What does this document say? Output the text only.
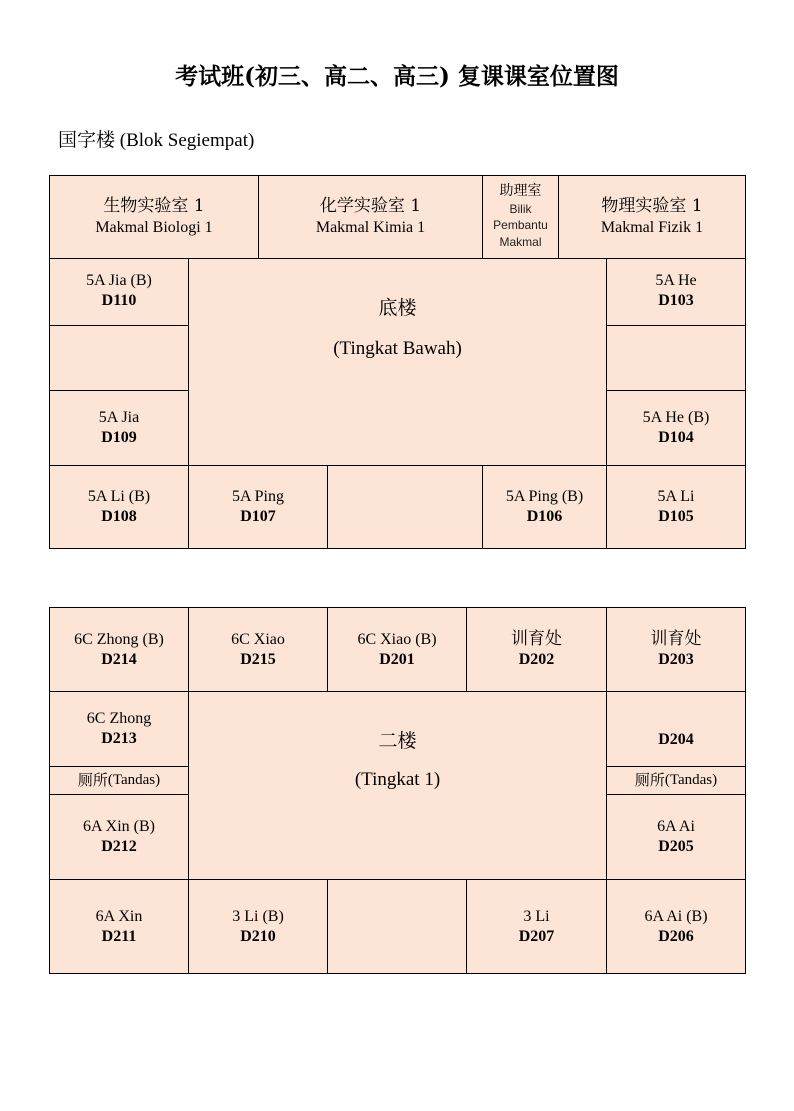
考试班(初三、高二、高三) 复课课室位置图
国字楼 (Blok Segiempat)
生物实验室 1
Makmal Biologi 1
化学实验室 1
Makmal Kimia 1
助理室
Bilik
Pembantu
Makmal
物理实验室 1
Makmal Fizik 1
5A Jia (B)
D110
5A Jia
D109
底楼
(Tingkat Bawah)
5A He
D103
5A He (B)
D104
5A Li (B)
D108
5A Ping
D107
5A Ping (B)
D106
5A Li
D105
6C Zhong (B)
D214
6C Xiao
D215
6C Xiao (B)
D201
训育处
D202
训育处
D203
6C Zhong
D213
厕所 (Tandas)
6A Xin (B)
D212
二楼
(Tingkat 1)
D204
厕所 (Tandas)
6A Ai
D205
6A Xin
D211
3 Li (B)
D210
3 Li
D207
6A Ai (B)
D206
